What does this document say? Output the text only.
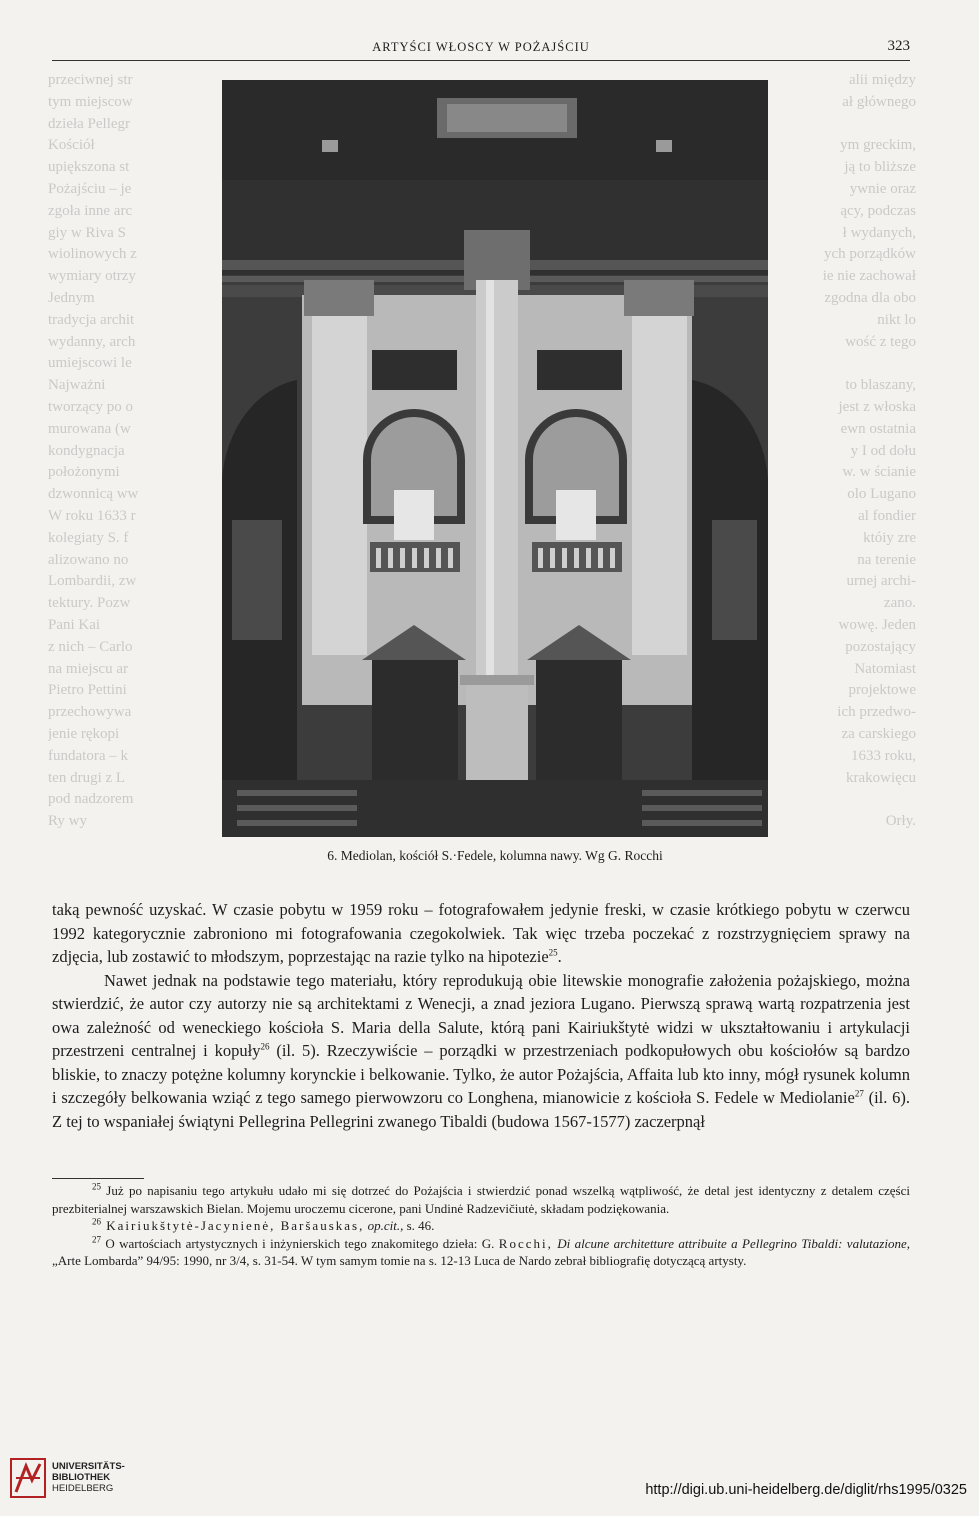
przeciwnej str
tym miejscow
dzieła Pellegr
Kościół
upiększona st
Pożajściu – je
zgoła inne arc
giy w Riva S
wiolinowych z
wymiary otrzy
Jednym
tradycja archit
wydanny, arch
umiejscowi le
Najważni
tworzący po o
murowana (w
kondygnacja
położonymi
dzwonnicą ww
W roku 1633 r
kolegiaty S. f
alizowano no
Lombardii, zw
tektury. Pozw
Pani Kai
z nich – Carlo
na miejscu ar
Pietro Pettini
przechowywa
jenie rękopi
fundatora – k
ten drugi z L
pod nadzorem
Ry wy
alii między
ał głównego
ym greckim,
ją to bliższe
ywnie oraz
ący, podczas
ł wydanych,
ych porządków
ie nie zachował
zgodna dla obo
nikt lo
wość z tego
to blaszany,
jest z włoska
ewn ostatnia
y I od dołu
w. w ścianie
olo Lugano
al fondier
któiy zre
na terenie
urnej archi-
zano.
wowę. Jeden
pozostający
Natomiast
projektowe
ich przedwo-
za carskiego
1633 roku,
krakowięcu
Orły.
ARTYŚCI WŁOSCY W POŻAJŚCIU	323
6. Mediolan, kościół S.·Fedele, kolumna nawy. Wg G. Rocchi

taką pewność uzyskać. W czasie pobytu w 1959 roku – fotografowałem jedynie freski, w czasie krótkiego pobytu w czerwcu 1992 kategorycznie zabroniono mi fotografowania czegokolwiek. Tak więc trzeba poczekać z rozstrzygnięciem sprawy na zdjęcia, lub zostawić to młodszym, poprzestając na razie tylko na hipotezie$^{25}$.

Nawet jednak na podstawie tego materiału, który reprodukują obie litewskie monografie założenia pożajskiego, można stwierdzić, że autor czy autorzy nie są architektami z Wenecji, a znad jeziora Lugano. Pierwszą sprawą wartą rozpatrzenia jest owa zależność od weneckiego kościoła S. Maria della Salute, którą pani Kairiukštytė widzi w ukształtowaniu i artykulacji przestrzeni centralnej i kopuły$^{26}$ (il. 5). Rzeczywiście – porządki w przestrzeniach podkopułowych obu kościołów są bardzo bliskie, to znaczy potężne kolumny korynckie i belkowanie. Tylko, że autor Pożajścia, Affaita lub kto inny, mógł rysunek kolumn i szczegóły belkowania wziąć z tego samego pierwowzoru co Longhena, mianowicie z kościoła S. Fedele w Mediolanie$^{27}$ (il. 6). Z tej to wspaniałej świątyni Pellegrina Pellegrini zwanego Tibaldi (budowa 1567-1577) zaczerpnął

$^{25}$ Już po napisaniu tego artykułu udało mi się dotrzeć do Pożajścia i stwierdzić ponad wszelką wątpliwość, że detal jest identyczny z detalem części prezbiterialnej warszawskich Bielan. Mojemu uroczemu cicerone, pani Undinė Radzevičiutė, składam podziękowania.

$^{26}$ Kairiukštytė-Jacynienė, Baršauskas, op.cit., s. 46.

$^{27}$ O wartościach artystycznych i inżynierskich tego znakomitego dzieła: G. Rocchi, Di alcune architetture attribuite a Pellegrino Tibaldi: valutazione, „Arte Lombarda” 94/95: 1990, nr 3/4, s. 31-54. W tym samym tomie na s. 12-13 Luca de Nardo zebrał bibliografię dotyczącą artysty.

UNIVERSITÄTS-
BIBLIOTHEK
HEIDELBERG	http://digi.ub.uni-heidelberg.de/diglit/rhs1995/0325
